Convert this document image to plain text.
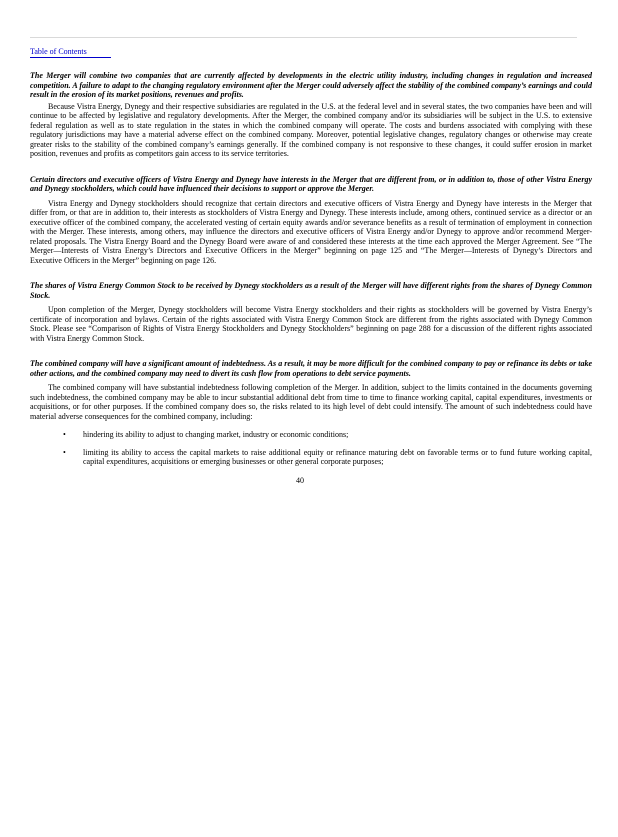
Table of Contents

The Merger will combine two companies that are currently affected by developments in the electric utility industry, including changes in regulation and increased competition. A failure to adapt to the changing regulatory environment after the Merger could adversely affect the stability of the combined company’s earnings and could result in the erosion of its market positions, revenues and profits.

Because Vistra Energy, Dynegy and their respective subsidiaries are regulated in the U.S. at the federal level and in several states, the two companies have been and will continue to be affected by legislative and regulatory developments. After the Merger, the combined company and/or its subsidiaries will be subject in the U.S. to extensive federal regulation as well as to state regulation in the states in which the combined company will operate. The costs and burdens associated with complying with these regulatory jurisdictions may have a material adverse effect on the combined company. Moreover, potential legislative changes, regulatory changes or otherwise may create greater risks to the stability of the combined company’s earnings generally. If the combined company is not responsive to these changes, it could suffer erosion in market position, revenues and profits as competitors gain access to its service territories.

Certain directors and executive officers of Vistra Energy and Dynegy have interests in the Merger that are different from, or in addition to, those of other Vistra Energy and Dynegy stockholders, which could have influenced their decisions to support or approve the Merger.

Vistra Energy and Dynegy stockholders should recognize that certain directors and executive officers of Vistra Energy and Dynegy have interests in the Merger that differ from, or that are in addition to, their interests as stockholders of Vistra Energy and Dynegy. These interests include, among others, continued service as a director or an executive officer of the combined company, the accelerated vesting of certain equity awards and/or severance benefits as a result of termination of employment in connection with the Merger. These interests, among others, may influence the directors and executive officers of Vistra Energy and/or Dynegy to approve and/or recommend Merger-related proposals. The Vistra Energy Board and the Dynegy Board were aware of and considered these interests at the time each approved the Merger Agreement. See “The Merger—Interests of Vistra Energy’s Directors and Executive Officers in the Merger” beginning on page 125 and “The Merger—Interests of Dynegy’s Directors and Executive Officers in the Merger” beginning on page 126.

The shares of Vistra Energy Common Stock to be received by Dynegy stockholders as a result of the Merger will have different rights from the shares of Dynegy Common Stock.

Upon completion of the Merger, Dynegy stockholders will become Vistra Energy stockholders and their rights as stockholders will be governed by Vistra Energy’s certificate of incorporation and bylaws. Certain of the rights associated with Vistra Energy Common Stock are different from the rights associated with Dynegy Common Stock. Please see “Comparison of Rights of Vistra Energy Stockholders and Dynegy Stockholders” beginning on page 288 for a discussion of the different rights associated with Vistra Energy Common Stock.

The combined company will have a significant amount of indebtedness. As a result, it may be more difficult for the combined company to pay or refinance its debts or take other actions, and the combined company may need to divert its cash flow from operations to debt service payments.

The combined company will have substantial indebtedness following completion of the Merger. In addition, subject to the limits contained in the documents governing such indebtedness, the combined company may be able to incur substantial additional debt from time to time to finance working capital, capital expenditures, investments or acquisitions, or for other purposes. If the combined company does so, the risks related to its high level of debt could intensify. The amount of such indebtedness could have material adverse consequences for the combined company, including:

•	hindering its ability to adjust to changing market, industry or economic conditions;
•	limiting its ability to access the capital markets to raise additional equity or refinance maturing debt on favorable terms or to fund future working capital, capital expenditures, acquisitions or emerging businesses or other general corporate purposes;
40
